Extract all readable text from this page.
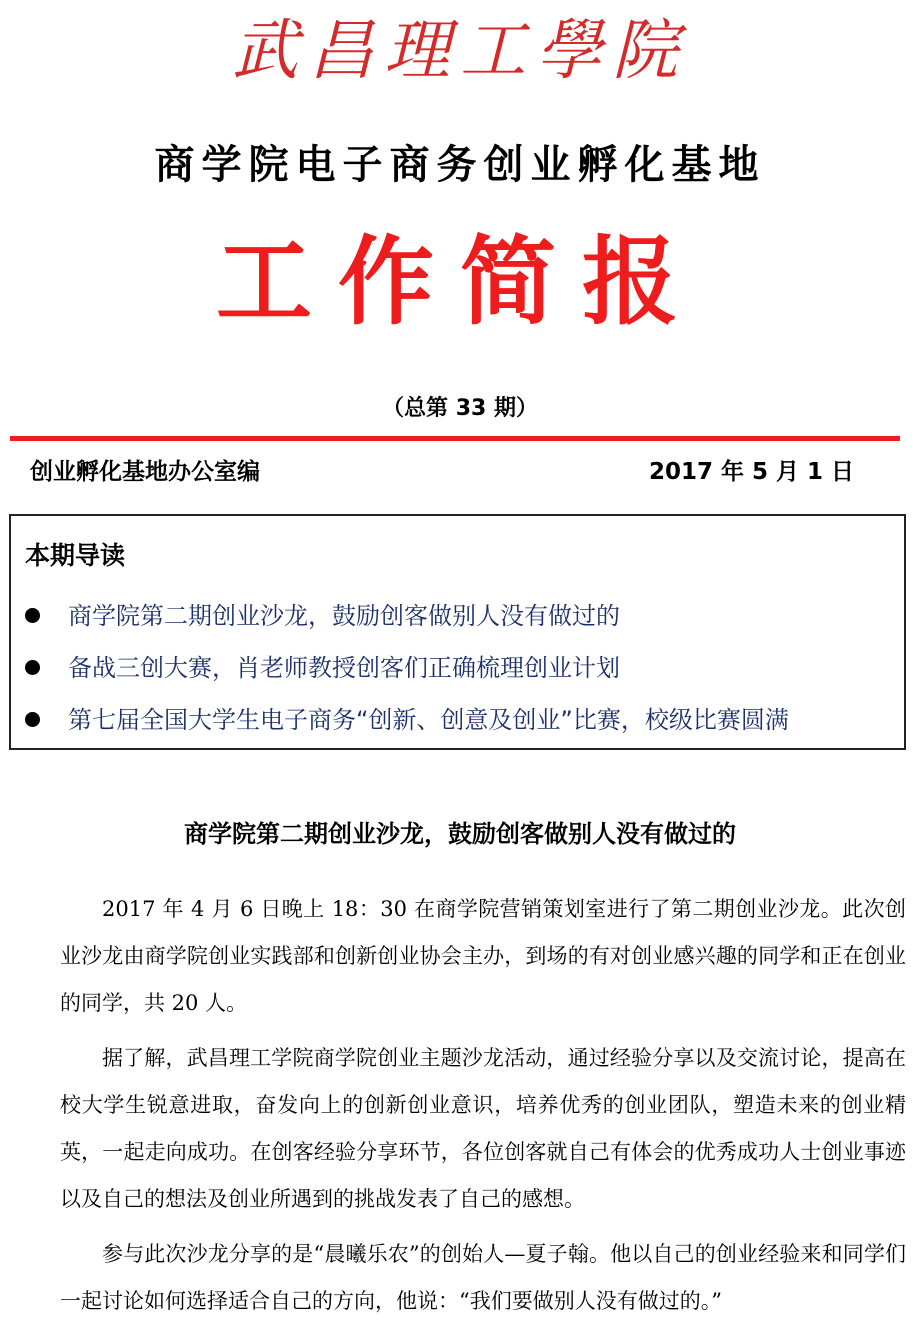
武昌理工學院
商学院电子商务创业孵化基地
工作简报
（总第 33 期）
创业孵化基地办公室编	2017 年 5 月 1 日
本期导读
商学院第二期创业沙龙，鼓励创客做别人没有做过的
备战三创大赛，肖老师教授创客们正确梳理创业计划
第七届全国大学生电子商务“创新、创意及创业”比赛，校级比赛圆满
商学院第二期创业沙龙，鼓励创客做别人没有做过的

2017 年 4 月 6 日晚上 18：30 在商学院营销策划室进行了第二期创业沙龙。此次创业沙龙由商学院创业实践部和创新创业协会主办，到场的有对创业感兴趣的同学和正在创业的同学，共 20 人。

据了解，武昌理工学院商学院创业主题沙龙活动，通过经验分享以及交流讨论，提高在校大学生锐意进取，奋发向上的创新创业意识，培养优秀的创业团队，塑造未来的创业精英，一起走向成功。在创客经验分享环节，各位创客就自己有体会的优秀成功人士创业事迹以及自己的想法及创业所遇到的挑战发表了自己的感想。

参与此次沙龙分享的是“晨曦乐农”的创始人—夏子翰。他以自己的创业经验来和同学们一起讨论如何选择适合自己的方向，他说：“我们要做别人没有做过的。”
